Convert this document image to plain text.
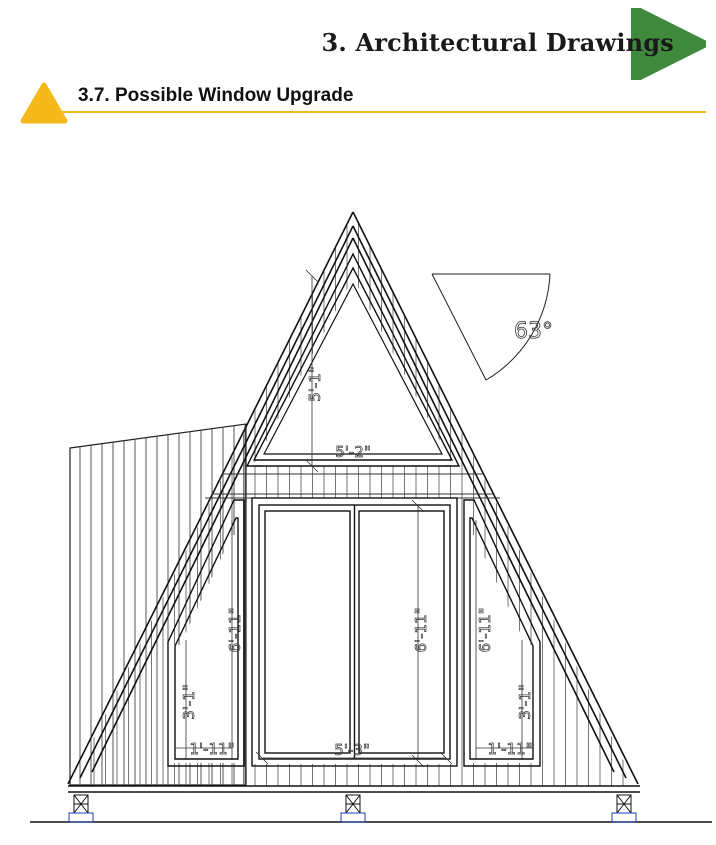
3. Architectural Drawings
3.7. Possible Window Upgrade
63°
5'-1"
5'-2"
6'-11"
5'-3"
6'-11"
3'-1"
1'-11"
6'-11"
3'-1"
1'-11"
